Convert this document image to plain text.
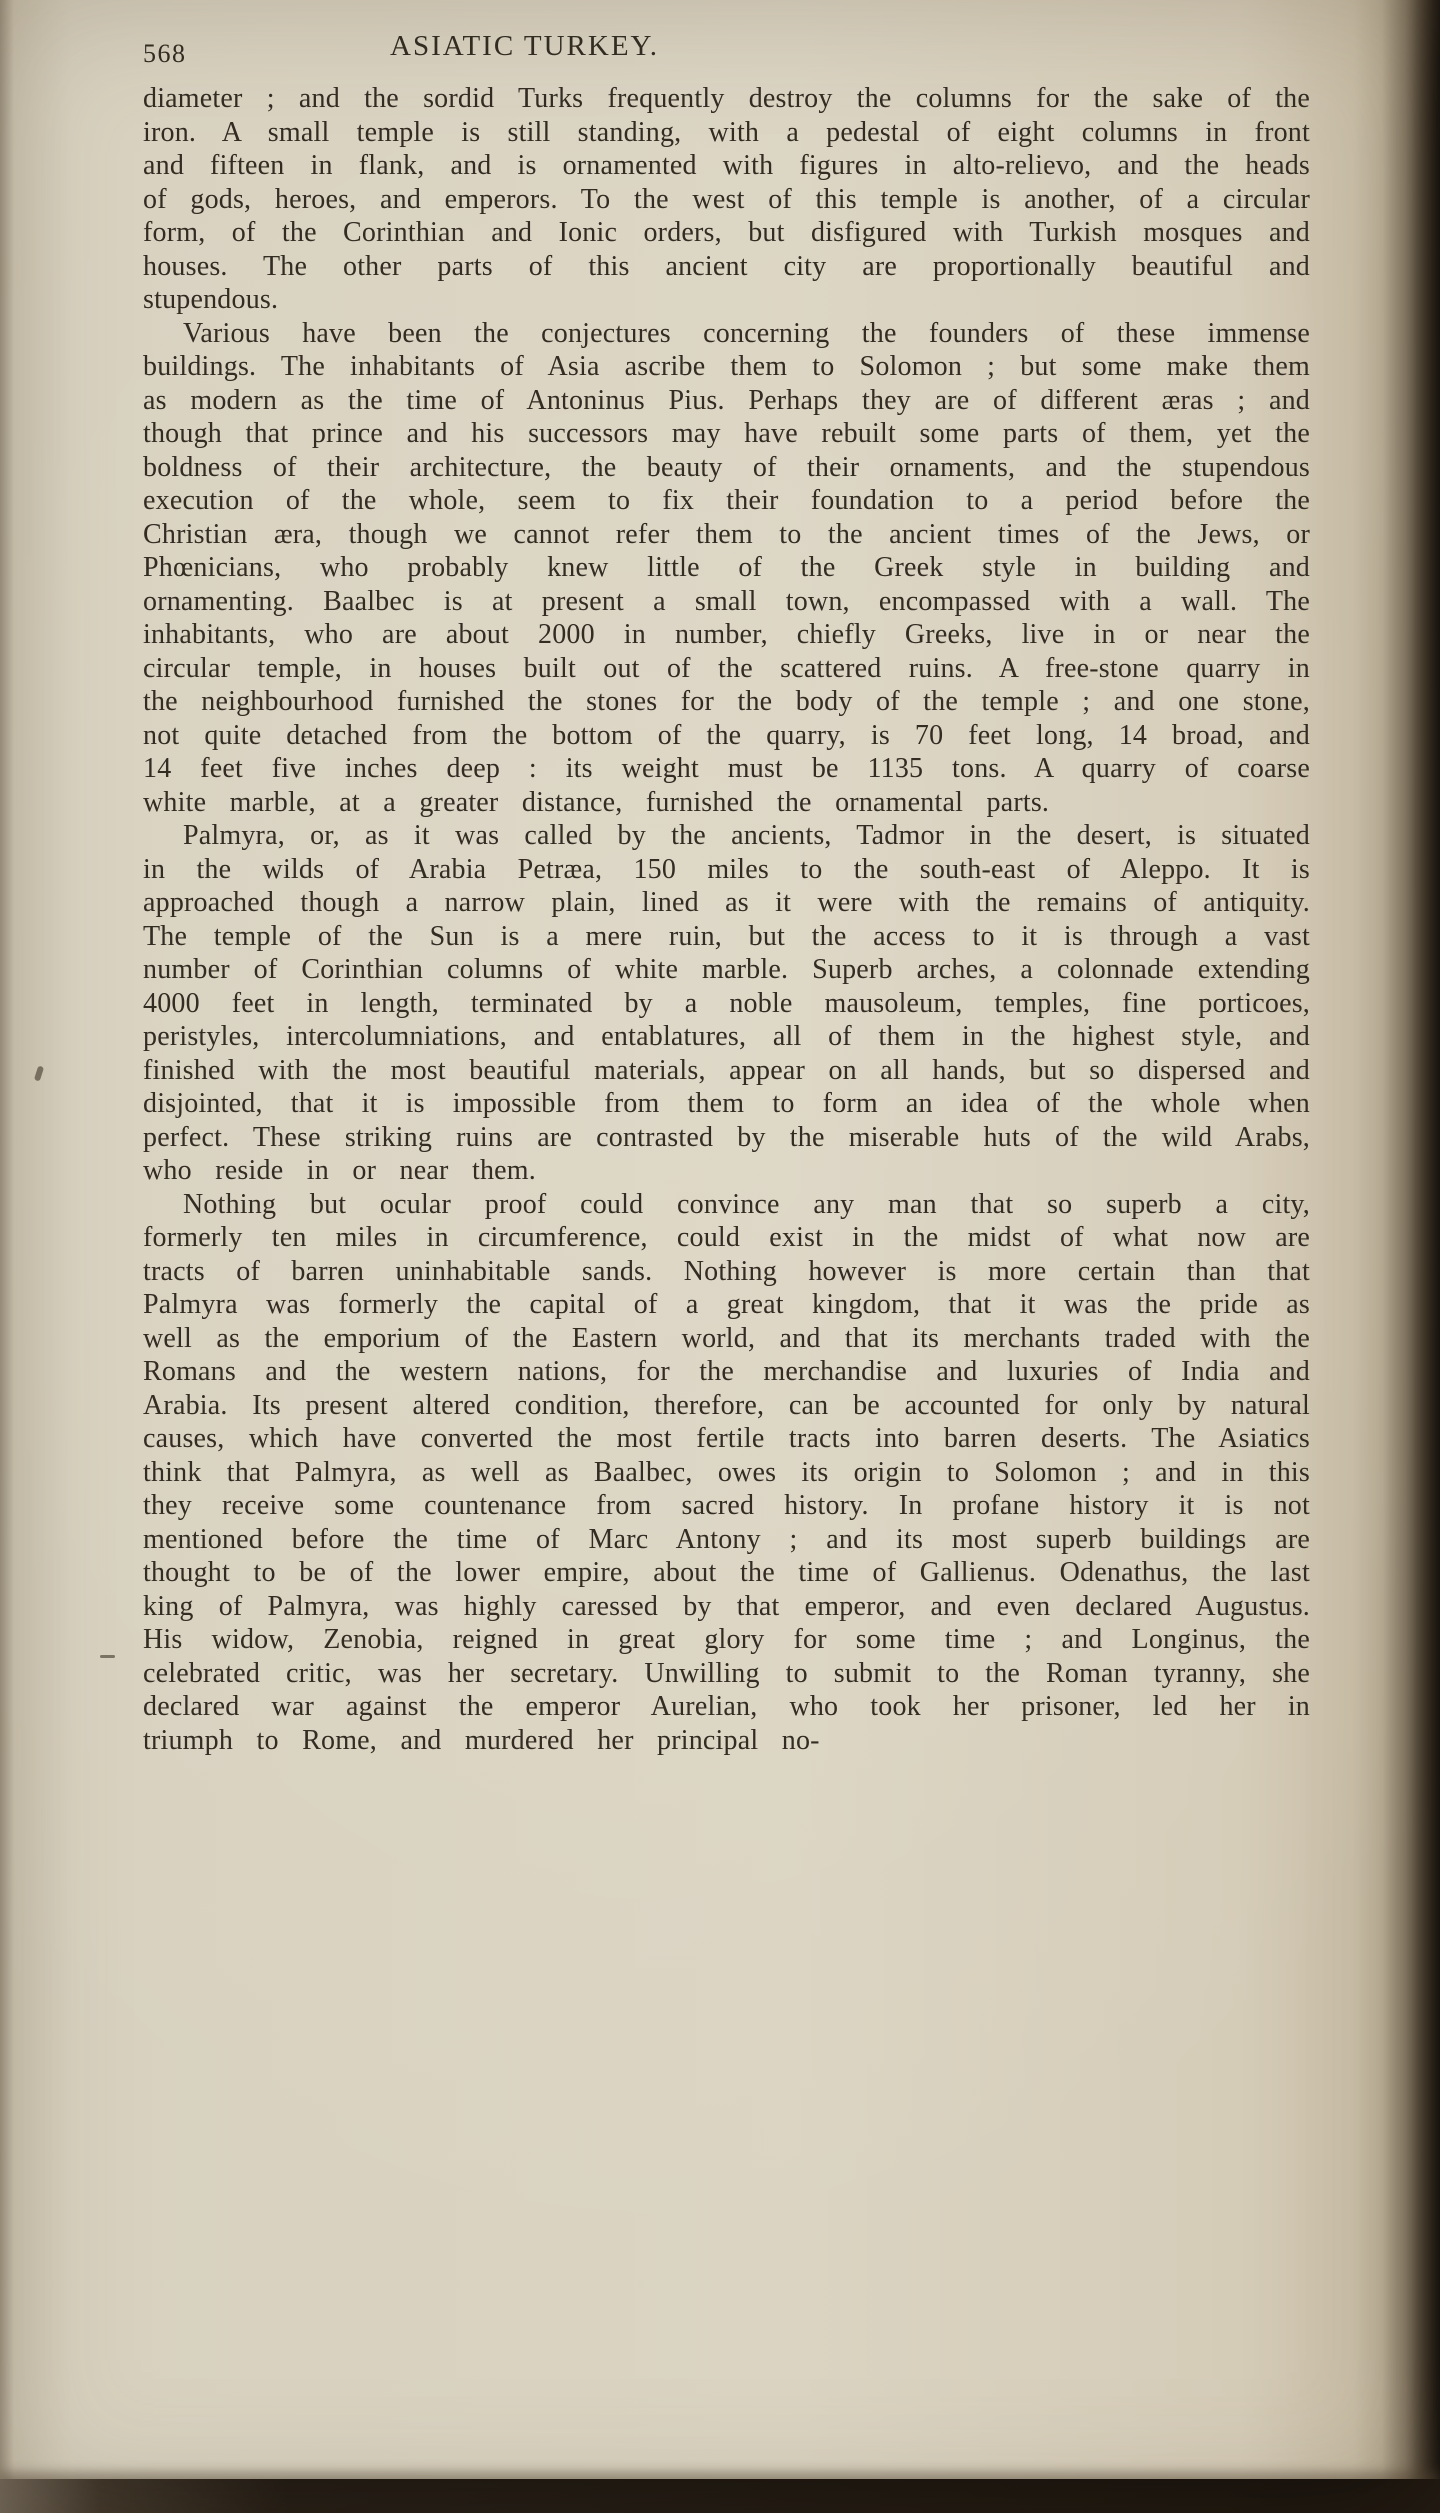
568	ASIATIC TURKEY.

diameter ; and the sordid Turks frequently destroy the columns for the sake of the iron. A small temple is still standing, with a pedestal of eight columns in front and fifteen in flank, and is ornamented with figures in alto-relievo, and the heads of gods, heroes, and emperors. To the west of this temple is another, of a circular form, of the Corinthian and Ionic orders, but disfigured with Turkish mosques and houses. The other parts of this ancient city are proportionally beautiful and stupendous.

Various have been the conjectures concerning the founders of these immense buildings. The inhabitants of Asia ascribe them to Solomon ; but some make them as modern as the time of Antoninus Pius. Perhaps they are of different æras ; and though that prince and his successors may have rebuilt some parts of them, yet the boldness of their architecture, the beauty of their ornaments, and the stupendous execution of the whole, seem to fix their foundation to a period before the Christian æra, though we cannot refer them to the ancient times of the Jews, or Phœnicians, who probably knew little of the Greek style in building and ornamenting. Baalbec is at present a small town, encompassed with a wall. The inhabitants, who are about 2000 in number, chiefly Greeks, live in or near the circular temple, in houses built out of the scattered ruins. A free-stone quarry in the neighbourhood furnished the stones for the body of the temple ; and one stone, not quite detached from the bottom of the quarry, is 70 feet long, 14 broad, and 14 feet five inches deep : its weight must be 1135 tons. A quarry of coarse white marble, at a greater distance, furnished the ornamental parts.

Palmyra, or, as it was called by the ancients, Tadmor in the desert, is situated in the wilds of Arabia Petræa, 150 miles to the south-east of Aleppo. It is approached though a narrow plain, lined as it were with the remains of antiquity. The temple of the Sun is a mere ruin, but the access to it is through a vast number of Corinthian columns of white marble. Superb arches, a colonnade extending 4000 feet in length, terminated by a noble mausoleum, temples, fine porticoes, peristyles, intercolumniations, and entablatures, all of them in the highest style, and finished with the most beautiful materials, appear on all hands, but so dispersed and disjointed, that it is impossible from them to form an idea of the whole when perfect. These striking ruins are contrasted by the miserable huts of the wild Arabs, who reside in or near them.

Nothing but ocular proof could convince any man that so superb a city, formerly ten miles in circumference, could exist in the midst of what now are tracts of barren uninhabitable sands. Nothing however is more certain than that Palmyra was formerly the capital of a great kingdom, that it was the pride as well as the emporium of the Eastern world, and that its merchants traded with the Romans and the western nations, for the merchandise and luxuries of India and Arabia. Its present altered condition, therefore, can be accounted for only by natural causes, which have converted the most fertile tracts into barren deserts. The Asiatics think that Palmyra, as well as Baalbec, owes its origin to Solomon ; and in this they receive some countenance from sacred history. In profane history it is not mentioned before the time of Marc Antony ; and its most superb buildings are thought to be of the lower empire, about the time of Gallienus. Odenathus, the last king of Palmyra, was highly caressed by that emperor, and even declared Augustus. His widow, Zenobia, reigned in great glory for some time ; and Longinus, the celebrated critic, was her secretary. Unwilling to submit to the Roman tyranny, she declared war against the emperor Aurelian, who took her prisoner, led her in triumph to Rome, and murdered her principal no-
